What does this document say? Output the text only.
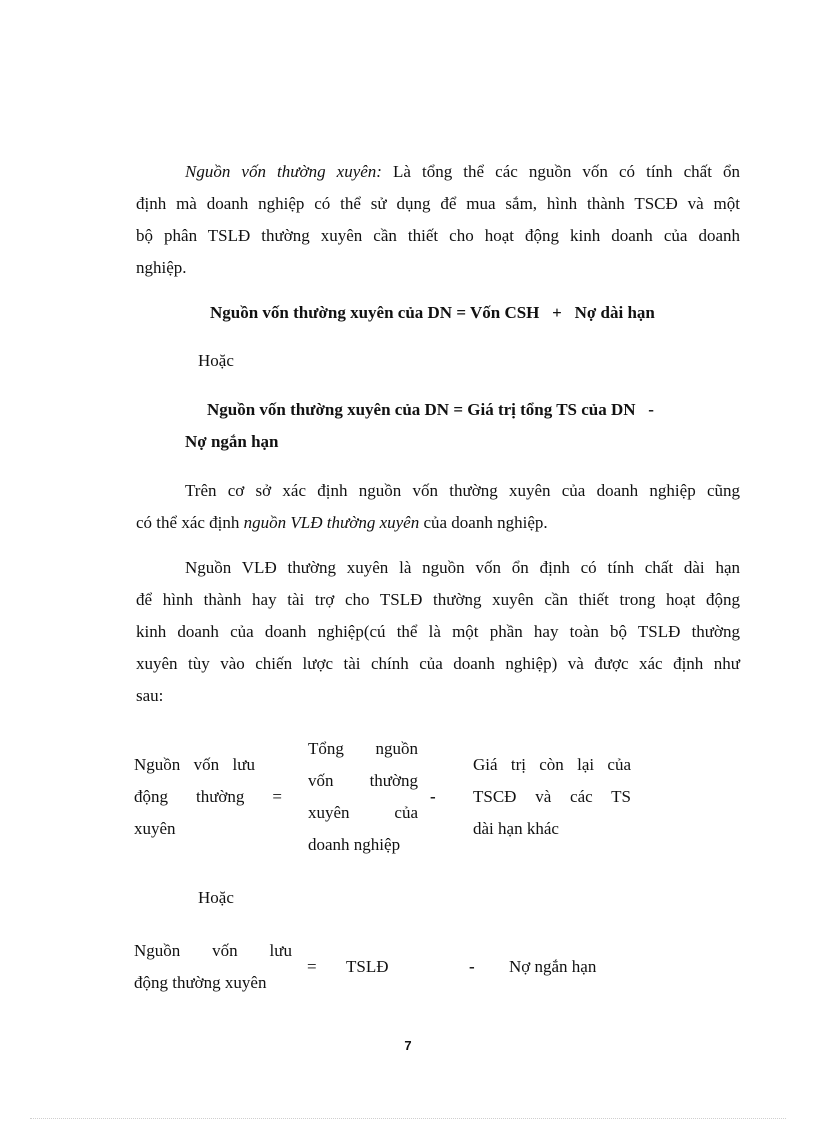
Nguồn vốn thường xuyên: Là tổng thể các nguồn vốn có tính chất ổn
định mà doanh nghiệp có thể sử dụng để mua sắm, hình thành TSCĐ và một
bộ phân TSLĐ thường xuyên cần thiết cho hoạt động kinh doanh của doanh
nghiệp.
Nguồn vốn thường xuyên của DN = Vốn CSH   +   Nợ dài hạn
Hoặc
Nguồn vốn thường xuyên của DN = Giá trị tổng TS của DN   -
Nợ ngắn hạn
Trên cơ sở xác định nguồn vốn thường xuyên của doanh nghiệp cũng
có thể xác định nguồn VLĐ thường xuyên của doanh nghiệp.
Nguồn VLĐ thường xuyên là nguồn vốn ổn định có tính chất dài hạn
để hình thành hay tài trợ cho TSLĐ thường xuyên cần thiết trong hoạt động
kinh doanh của doanh nghiệp(cú thể là một phần hay toàn bộ TSLĐ thường
xuyên tùy vào chiến lược tài chính của doanh nghiệp) và được xác định như
sau:
Nguồn vốn lưu
động thường =
xuyên
Tổng nguồn
vốn thường
xuyên của
doanh nghiệp
-
Giá trị còn lại của
TSCĐ và các TS
dài hạn khác
Hoặc
Nguồn vốn lưu
động thường xuyên
= TSLĐ	- Nợ ngắn hạn
7
